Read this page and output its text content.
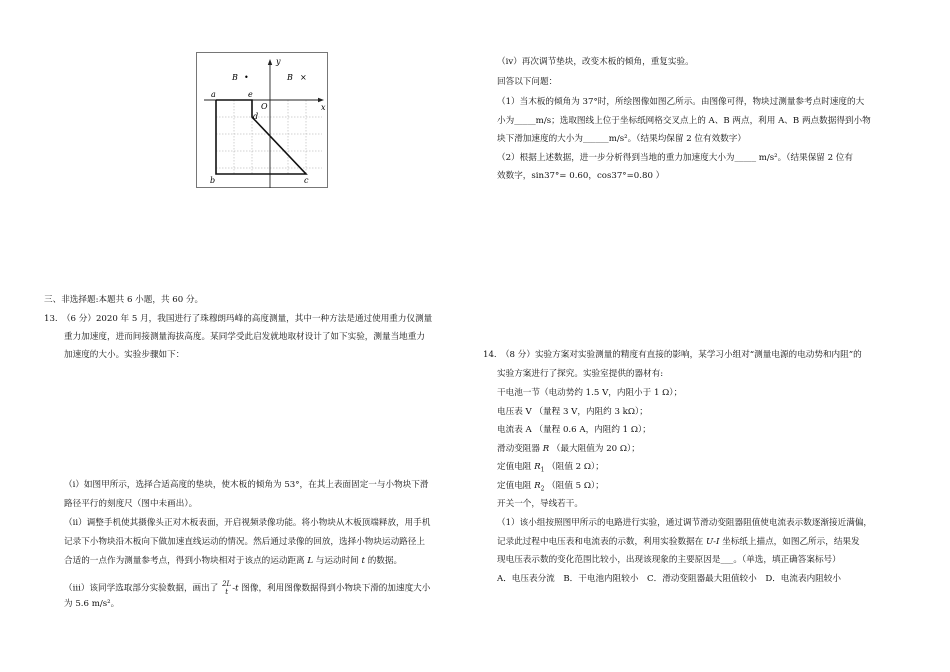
y
x
B •	B ×
a	e
O
d
b	c
三、非选择题:本题共 6 小题，共 60 分。
13.　（6 分）2020 年 5 月，我国进行了珠穆朗玛峰的高度测量，其中一种方法是通过使用重力仪测量
重力加速度，进而间接测量海拔高度。某同学受此启发就地取材设计了如下实验，测量当地重力
加速度的大小。实验步骤如下：
（i）如图甲所示，选择合适高度的垫块，使木板的倾角为 53°，在其上表面固定一与小物块下滑
路径平行的刻度尺（图中未画出）。
（ii）调整手机使其摄像头正对木板表面，开启视频录像功能。将小物块从木板顶端释放，用手机
记录下小物块沿木板向下做加速直线运动的情况。然后通过录像的回放，选择小物块运动路径上
合适的一点作为测量参考点，得到小物块相对于该点的运动距离 L 与运动时间 t 的数据。
（iii）该同学选取部分实验数据，画出了 2L
t -t 图像，利用图像数据得到小物块下滑的加速度大小
为 5.6 m/s²。
（iv）再次调节垫块，改变木板的倾角，重复实验。
回答以下问题：
（1）当木板的倾角为 37°时，所绘图像如图乙所示。由图像可得，物块过测量参考点时速度的大
小为_____m/s；选取图线上位于坐标纸网格交叉点上的 A、B 两点，利用 A、B 两点数据得到小物
块下滑加速度的大小为______m/s²。（结果均保留 2 位有效数字）
（2）根据上述数据，进一步分析得到当地的重力加速度大小为_____ m/s²。（结果保留 2 位有
效数字，sin37°= 0.60，cos37°=0.80 ）
14.　（8 分）实验方案对实验测量的精度有直接的影响，某学习小组对“测量电源的电动势和内阻”的
实验方案进行了探究。实验室提供的器材有:
干电池一节（电动势约 1.5 V，内阻小于 1 Ω）；
电压表 V （量程 3 V，内阻约 3 kΩ）；
电流表 A （量程 0.6 A，内阻约 1 Ω）；
滑动变阻器 R （最大阻值为 20 Ω）；
定值电阻 $R_1$ （阻值 2 Ω）；
定值电阻 $R_2$ （阻值 5 Ω）；
开关一个，导线若干。
（1）该小组按照图甲所示的电路进行实验，通过调节滑动变阻器阻值使电流表示数逐渐接近满偏，
记录此过程中电压表和电流表的示数，利用实验数据在 U-I 坐标纸上描点，如图乙所示，结果发
现电压表示数的变化范围比较小，出现该现象的主要原因是___。（单选，填正确答案标号）
A．电压表分流　B．干电池内阻较小　C．滑动变阻器最大阻值较小　D．电流表内阻较小
